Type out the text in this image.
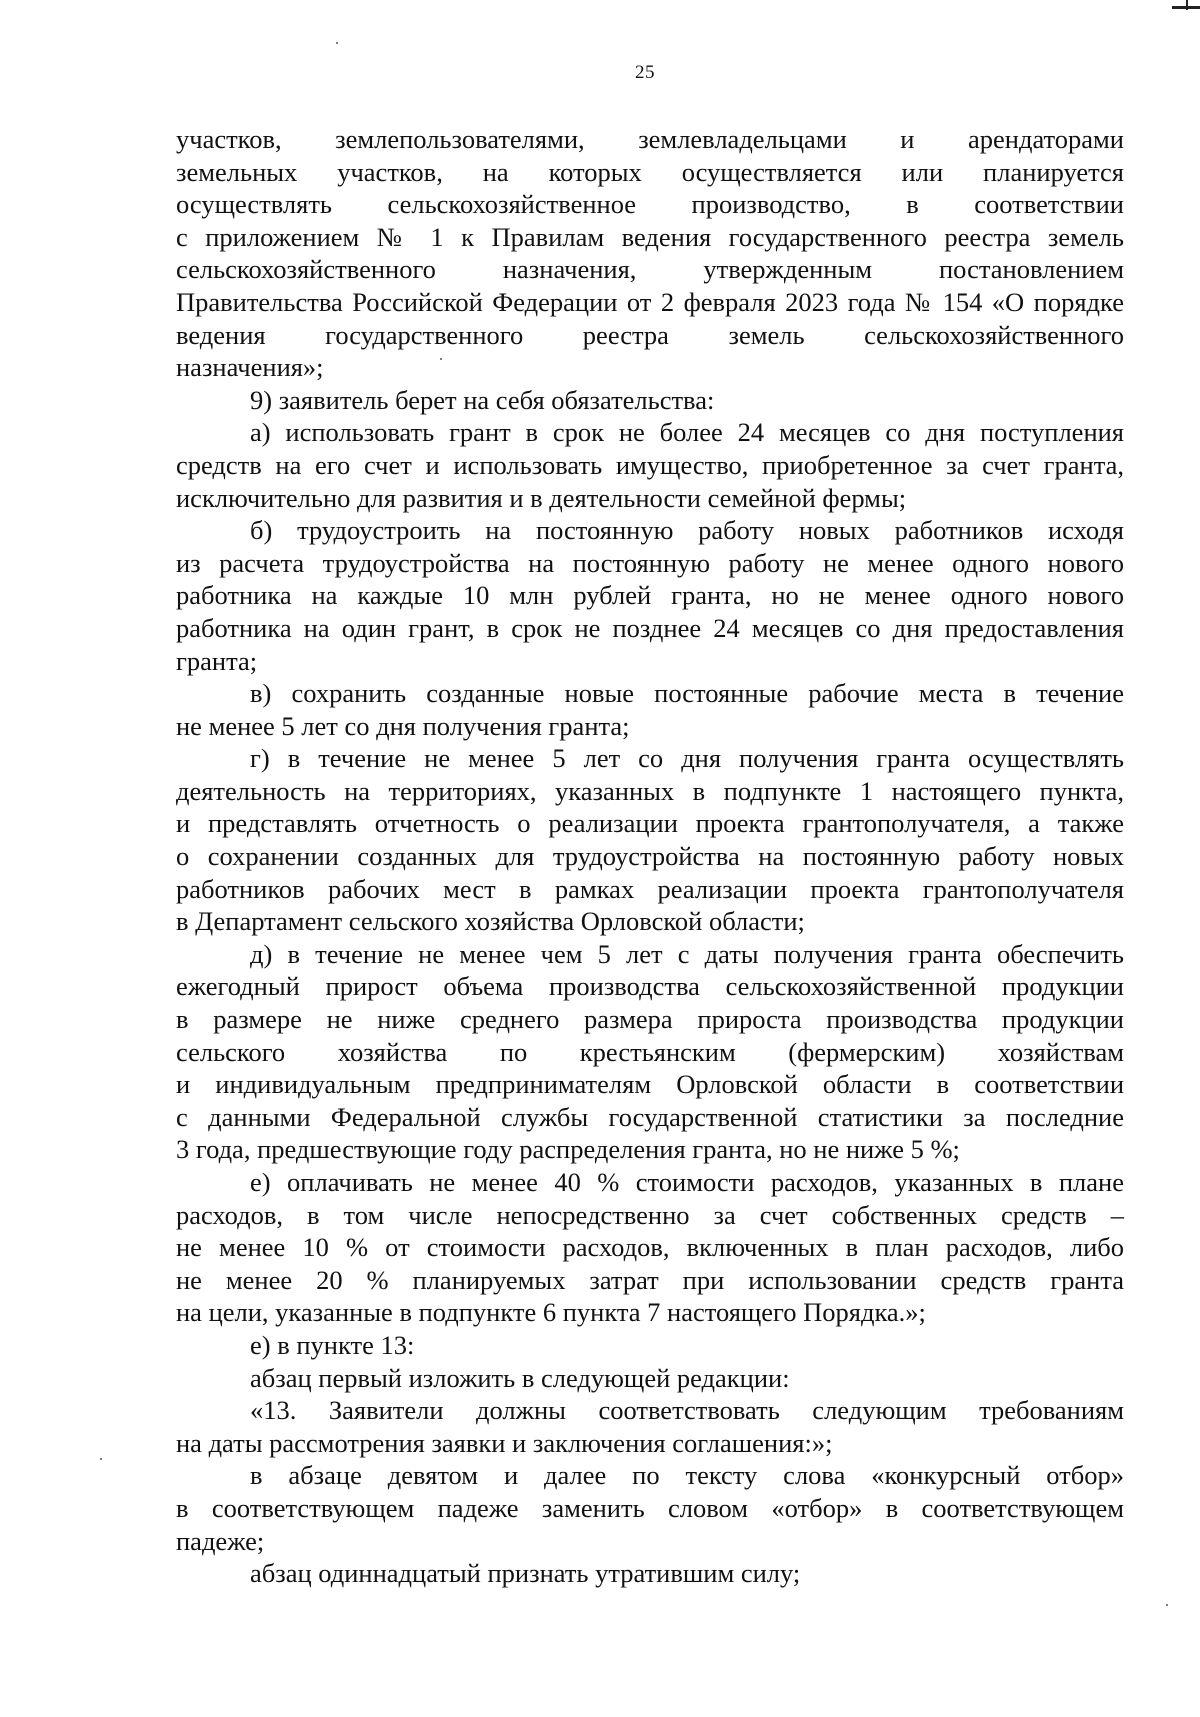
25
участков, землепользователями, землевладельцами и арендаторами
земельных участков, на которых осуществляется или планируется
осуществлять сельскохозяйственное производство, в соответствии
с приложением № 1 к Правилам ведения государственного реестра земель
сельскохозяйственного назначения, утвержденным постановлением
Правительства Российской Федерации от 2 февраля 2023 года № 154 «О порядке
ведения государственного реестра земель сельскохозяйственного
назначения»;
9) заявитель берет на себя обязательства:
а) использовать грант в срок не более 24 месяцев со дня поступления
средств на его счет и использовать имущество, приобретенное за счет гранта,
исключительно для развития и в деятельности семейной фермы;
б) трудоустроить на постоянную работу новых работников исходя
из расчета трудоустройства на постоянную работу не менее одного нового
работника на каждые 10 млн рублей гранта, но не менее одного нового
работника на один грант, в срок не позднее 24 месяцев со дня предоставления
гранта;
в) сохранить созданные новые постоянные рабочие места в течение
не менее 5 лет со дня получения гранта;
г) в течение не менее 5 лет со дня получения гранта осуществлять
деятельность на территориях, указанных в подпункте 1 настоящего пункта,
и представлять отчетность о реализации проекта грантополучателя, а также
о сохранении созданных для трудоустройства на постоянную работу новых
работников рабочих мест в рамках реализации проекта грантополучателя
в Департамент сельского хозяйства Орловской области;
д) в течение не менее чем 5 лет с даты получения гранта обеспечить
ежегодный прирост объема производства сельскохозяйственной продукции
в размере не ниже среднего размера прироста производства продукции
сельского хозяйства по крестьянским (фермерским) хозяйствам
и индивидуальным предпринимателям Орловской области в соответствии
с данными Федеральной службы государственной статистики за последние
3 года, предшествующие году распределения гранта, но не ниже 5 %;
е) оплачивать не менее 40 % стоимости расходов, указанных в плане
расходов, в том числе непосредственно за счет собственных средств –
не менее 10 % от стоимости расходов, включенных в план расходов, либо
не менее 20 % планируемых затрат при использовании средств гранта
на цели, указанные в подпункте 6 пункта 7 настоящего Порядка.»;
е) в пункте 13:
абзац первый изложить в следующей редакции:
«13. Заявители должны соответствовать следующим требованиям
на даты рассмотрения заявки и заключения соглашения:»;
в абзаце девятом и далее по тексту слова «конкурсный отбор»
в соответствующем падеже заменить словом «отбор» в соответствующем
падеже;
абзац одиннадцатый признать утратившим силу;
